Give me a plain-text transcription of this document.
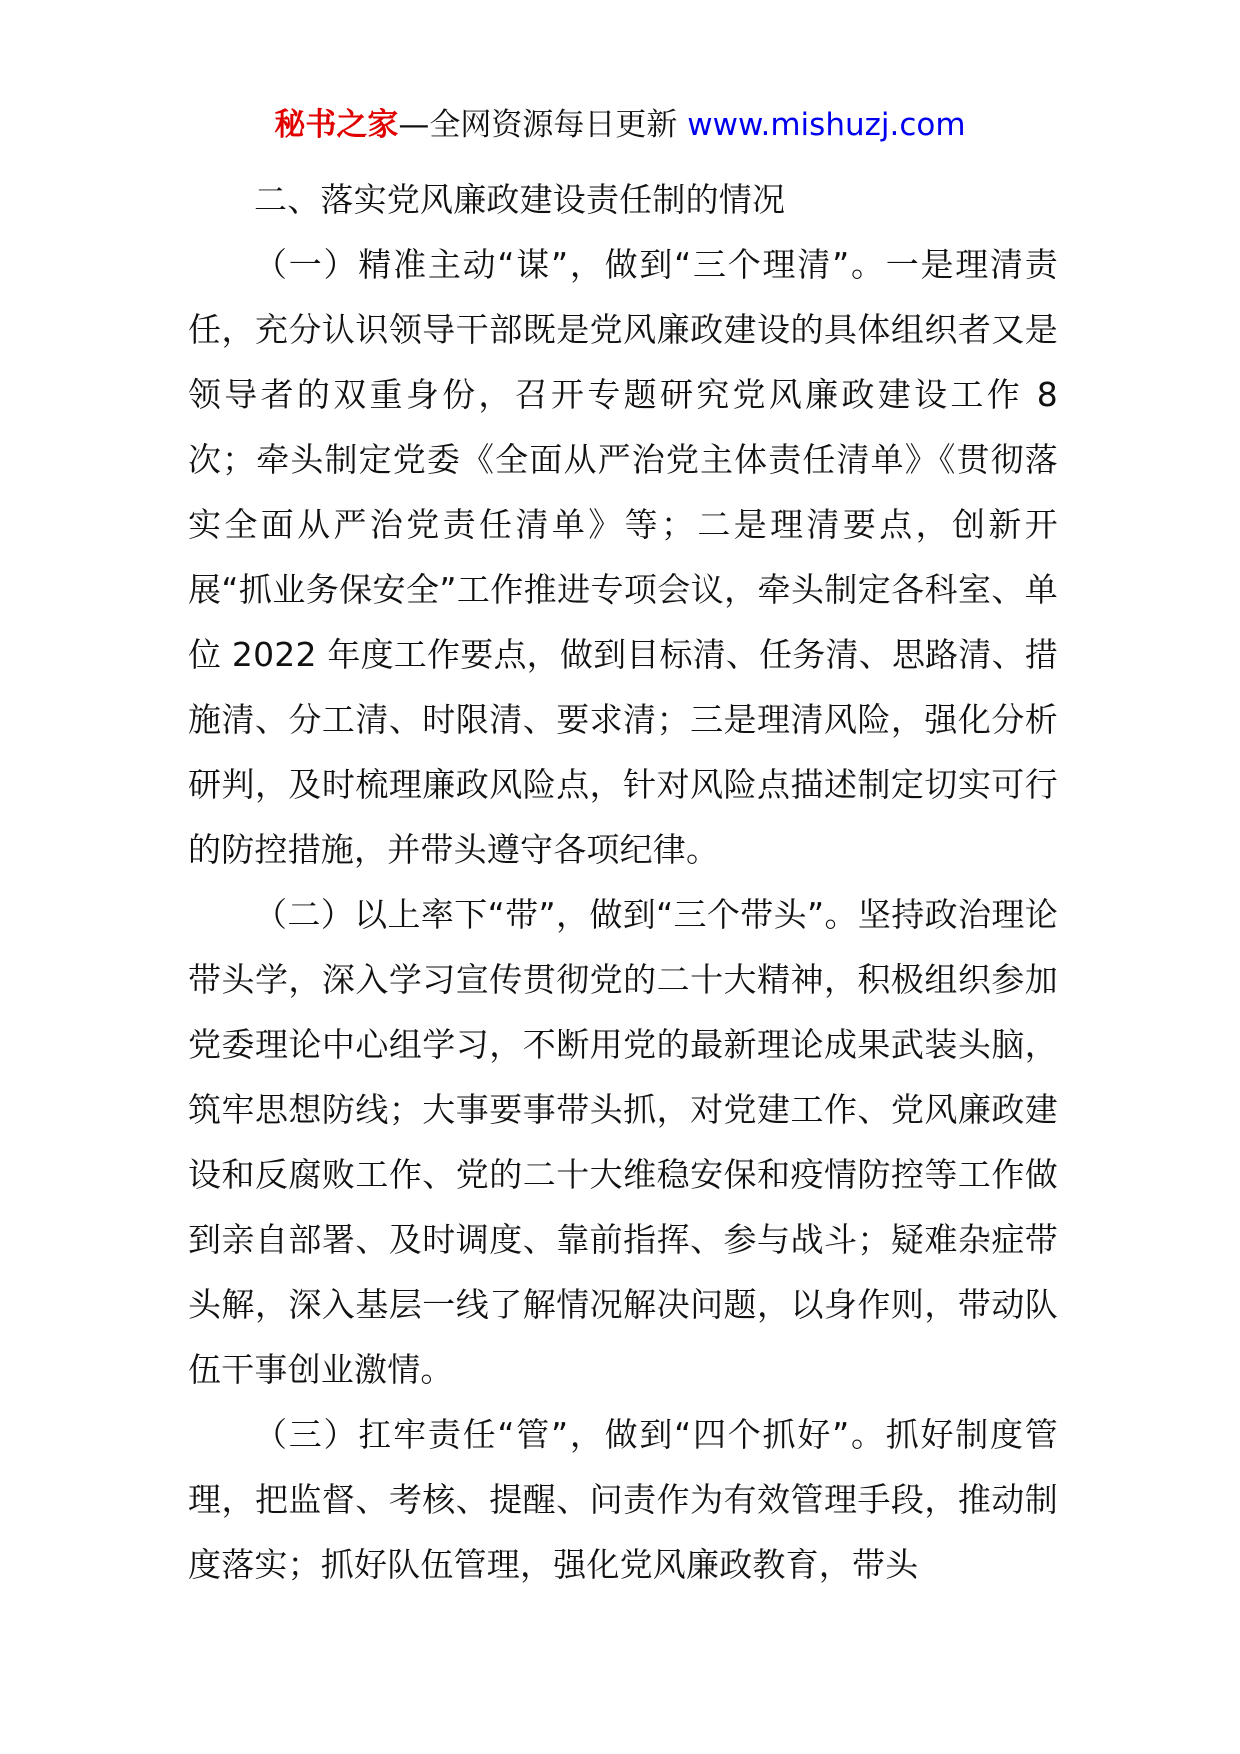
秘书之家—全网资源每日更新 www.mishuzj.com

二、落实党风廉政建设责任制的情况

（一）精准主动“谋”，做到“三个理清”。一是理清责任，充分认识领导干部既是党风廉政建设的具体组织者又是领导者的双重身份，召开专题研究党风廉政建设工作 8 次；牵头制定党委《全面从严治党主体责任清单》《贯彻落实全面从严治党责任清单》等；二是理清要点，创新开展“抓业务保安全”工作推进专项会议，牵头制定各科室、单位 2022 年度工作要点，做到目标清、任务清、思路清、措施清、分工清、时限清、要求清；三是理清风险，强化分析研判，及时梳理廉政风险点，针对风险点描述制定切实可行的防控措施，并带头遵守各项纪律。

（二）以上率下“带”，做到“三个带头”。坚持政治理论带头学，深入学习宣传贯彻党的二十大精神，积极组织参加党委理论中心组学习，不断用党的最新理论成果武装头脑，筑牢思想防线；大事要事带头抓，对党建工作、党风廉政建设和反腐败工作、党的二十大维稳安保和疫情防控等工作做到亲自部署、及时调度、靠前指挥、参与战斗；疑难杂症带头解，深入基层一线了解情况解决问题，以身作则，带动队伍干事创业激情。

（三）扛牢责任“管”，做到“四个抓好”。抓好制度管理，把监督、考核、提醒、问责作为有效管理手段，推动制度落实；抓好队伍管理，强化党风廉政教育，带头
